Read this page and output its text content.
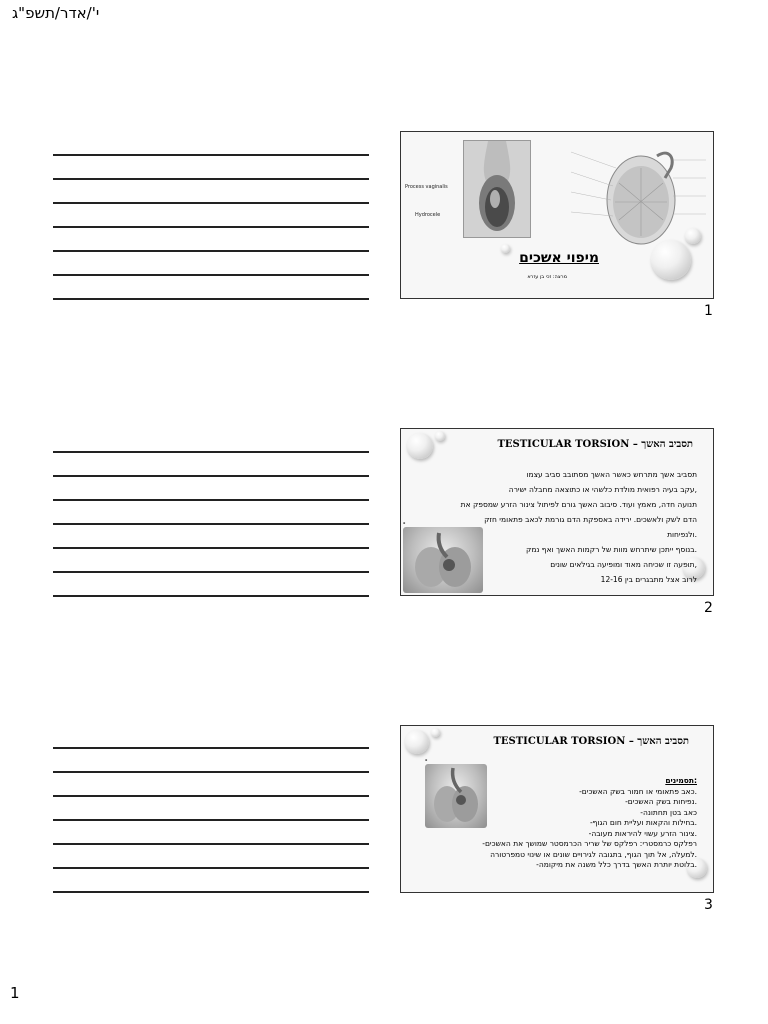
י'/אדר/תשפ"ג
Process vaginalis
Hydrocele
מיפוי אשכים
מרצה: זכי בן עזרא
1
TESTICULAR TORSION – תסביב האשך
▪
תסביב אשך מתרחש כאשר האשך מסתובב סביב עצמו
,עקב בעיה רפואית מולדת כלשהי או כתוצאה מחבלה ישירה
תנועה חדה, מאמץ ועוד. סיבוב האשך גורם לפיתול צינור הזרע שמספק את
הדם לשק ולאשכים. ירידה באספקת הדם גורמת לכאב פתאומי חזק
.ולנפיחות
.בנוסף ייתכן שיתרחש מוות של רקמות האשך ואף נמק
,תופעה זו שכיחה מאוד ומופיעה בגילאים שונים
לרוב אצל מתבגרים בין 12-16
2
TESTICULAR TORSION – תסביב האשך
▪
:תסמינים
.כאב פתאומי או חמור בשק האשכים-
.נפיחות בשק האשכים-
כאב בטן תחתונה-
.בחילות והקאות ועליית חום הגוף-
.צינור הזרע עשוי להיראות מעובה-
רפלקס כרמסטרי: רפלקס של שריר הכרמסטר שמושך את האשכים-
.למעלה, אל תוך הגוף, בתגובה לגירויים שונים או שינוי טמפרטורה
.בלוטת יותרת האשך בדרך כלל משנה את מיקומה-
3
1
